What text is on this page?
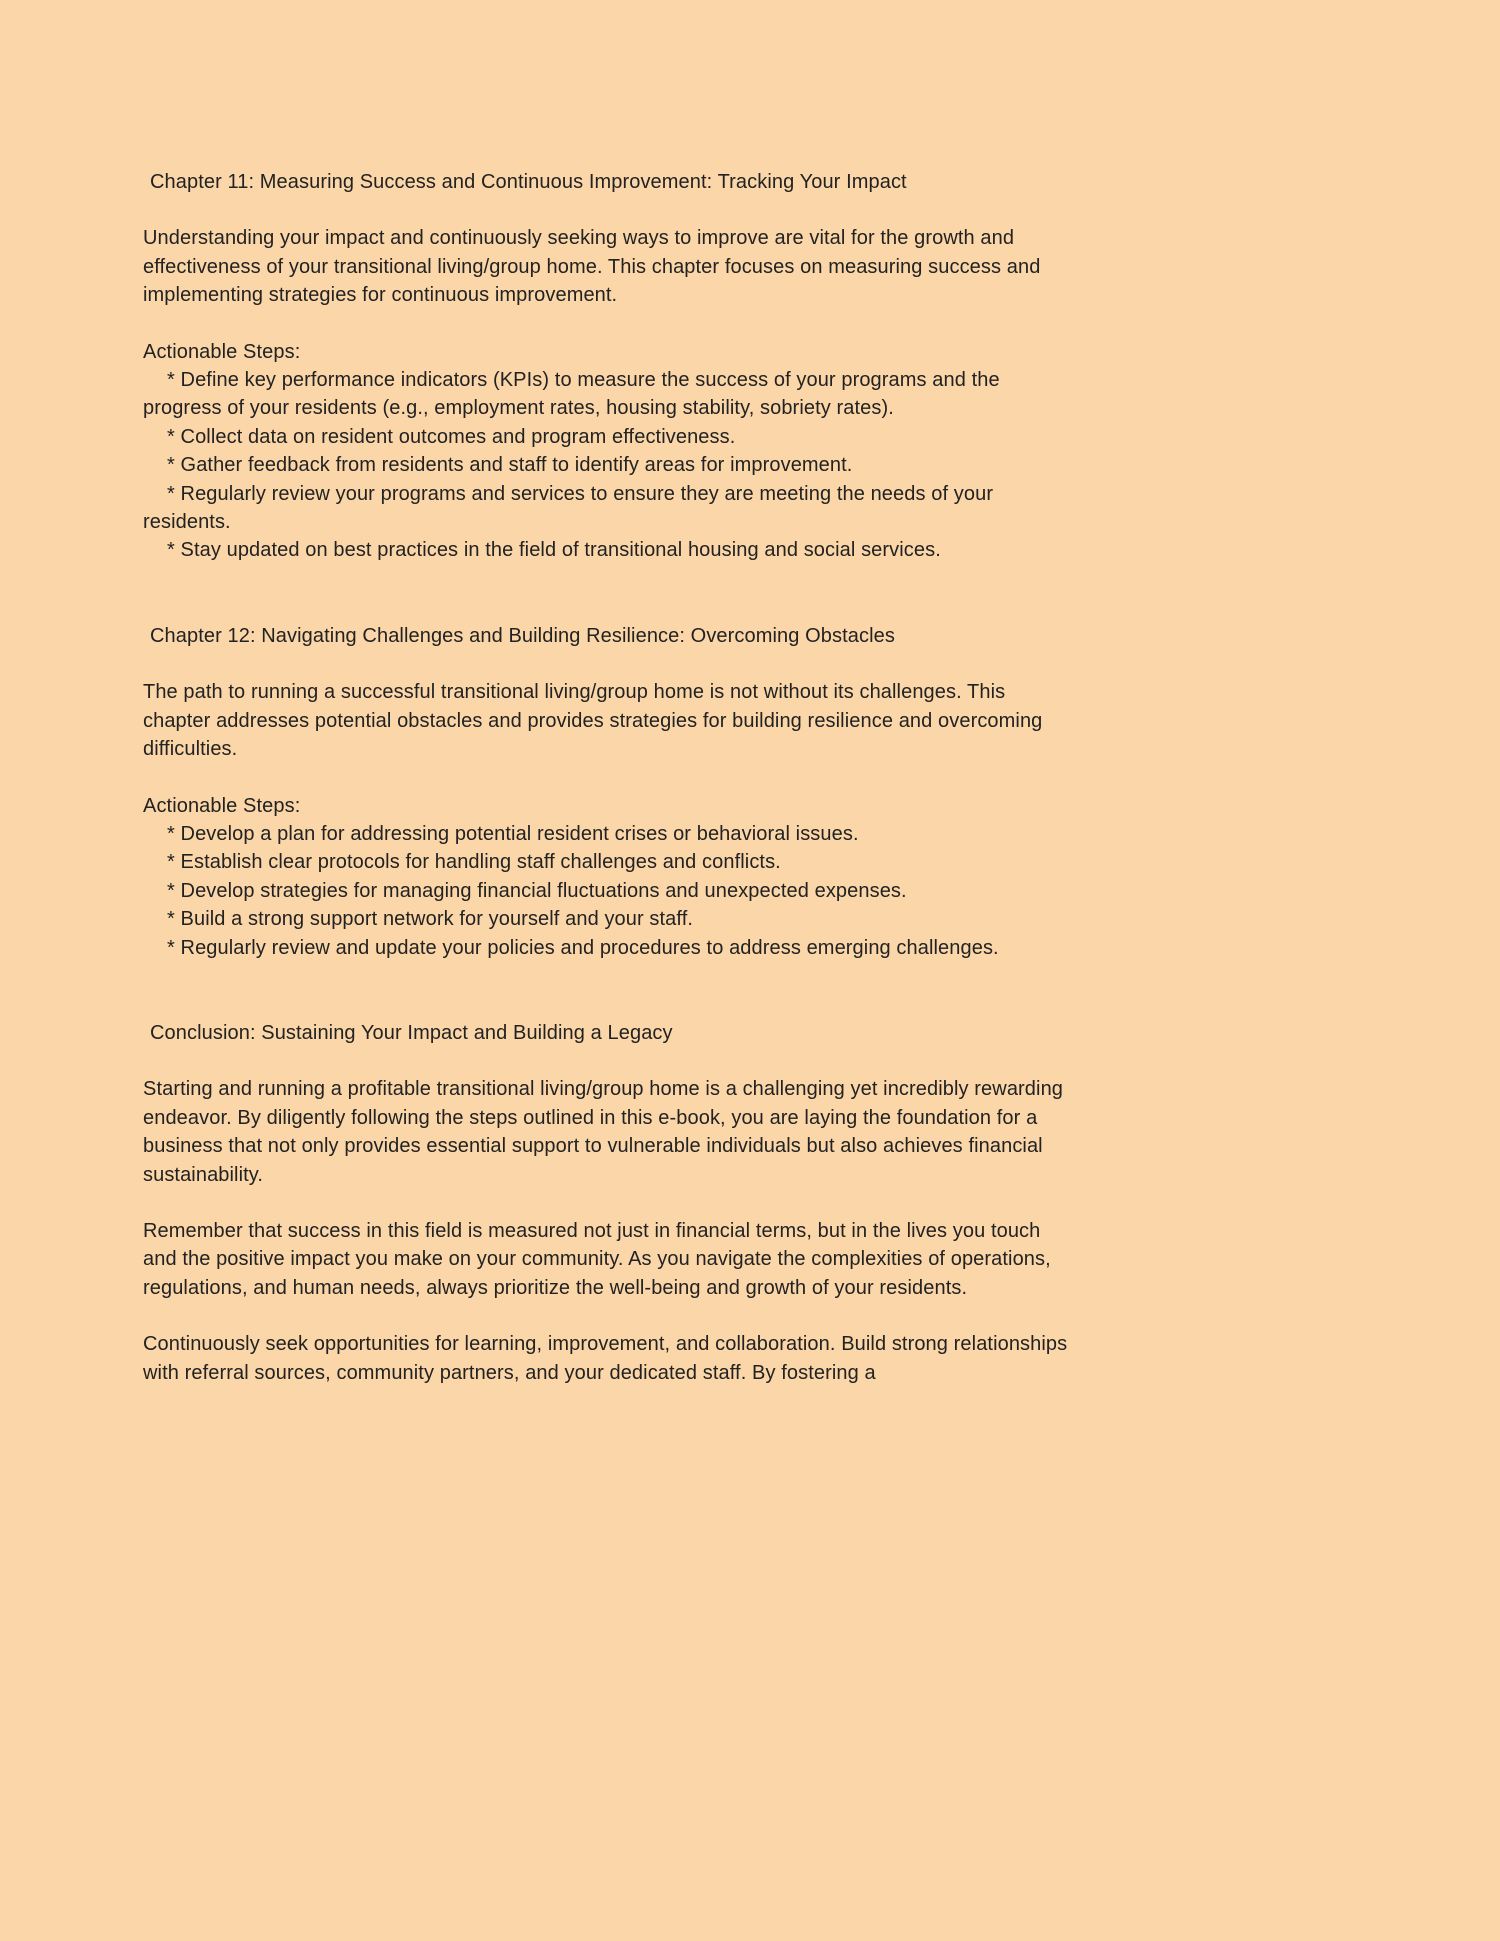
Chapter 11: Measuring Success and Continuous Improvement: Tracking Your Impact

Understanding your impact and continuously seeking ways to improve are vital for the growth and effectiveness of your transitional living/group home. This chapter focuses on measuring success and implementing strategies for continuous improvement.

Actionable Steps:

* Define key performance indicators (KPIs) to measure the success of your programs and the progress of your residents (e.g., employment rates, housing stability, sobriety rates).

* Collect data on resident outcomes and program effectiveness.

* Gather feedback from residents and staff to identify areas for improvement.

* Regularly review your programs and services to ensure they are meeting the needs of your residents.

* Stay updated on best practices in the field of transitional housing and social services.

Chapter 12: Navigating Challenges and Building Resilience: Overcoming Obstacles

The path to running a successful transitional living/group home is not without its challenges. This chapter addresses potential obstacles and provides strategies for building resilience and overcoming difficulties.

Actionable Steps:

* Develop a plan for addressing potential resident crises or behavioral issues.

* Establish clear protocols for handling staff challenges and conflicts.

* Develop strategies for managing financial fluctuations and unexpected expenses.

* Build a strong support network for yourself and your staff.

* Regularly review and update your policies and procedures to address emerging challenges.

Conclusion: Sustaining Your Impact and Building a Legacy

Starting and running a profitable transitional living/group home is a challenging yet incredibly rewarding endeavor. By diligently following the steps outlined in this e-book, you are laying the foundation for a business that not only provides essential support to vulnerable individuals but also achieves financial sustainability.

Remember that success in this field is measured not just in financial terms, but in the lives you touch and the positive impact you make on your community. As you navigate the complexities of operations, regulations, and human needs, always prioritize the well-being and growth of your residents.

Continuously seek opportunities for learning, improvement, and collaboration. Build strong relationships with referral sources, community partners, and your dedicated staff. By fostering a
